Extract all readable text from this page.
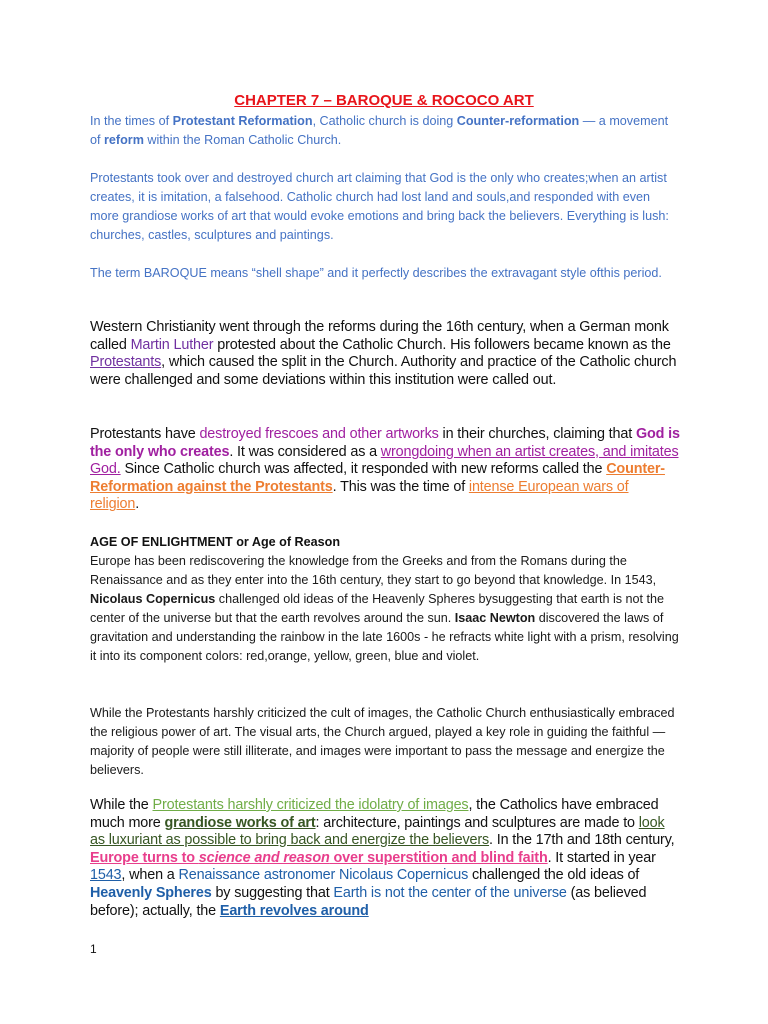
CHAPTER 7 – BAROQUE & ROCOCO ART

In the times of Protestant Reformation, Catholic church is doing Counter-reformation — a movement of reform within the Roman Catholic Church.

Protestants took over and destroyed church art claiming that God is the only who creates;when an artist creates, it is imitation, a falsehood. Catholic church had lost land and souls,and responded with even more grandiose works of art that would evoke emotions and bring back the believers. Everything is lush: churches, castles, sculptures and paintings.

The term BAROQUE means “shell shape” and it perfectly describes the extravagant style ofthis period.

Western Christianity went through the reforms during the 16th century, when a German monk called Martin Luther protested about the Catholic Church. His followers became known as the Protestants, which caused the split in the Church. Authority and practice of the Catholic church were challenged and some deviations within this institution were called out.

Protestants have destroyed frescoes and other artworks in their churches, claiming that God is the only who creates. It was considered as a wrongdoing when an artist creates, and imitates God. Since Catholic church was affected, it responded with new reforms called the Counter-Reformation against the Protestants. This was the time of intense European wars of religion.

AGE OF ENLIGHTMENT or Age of Reason

Europe has been rediscovering the knowledge from the Greeks and from the Romans during the Renaissance and as they enter into the 16th century, they start to go beyond that knowledge. In 1543, Nicolaus Copernicus challenged old ideas of the Heavenly Spheres bysuggesting that earth is not the center of the universe but that the earth revolves around the sun. Isaac Newton discovered the laws of gravitation and understanding the rainbow in the late 1600s - he refracts white light with a prism, resolving it into its component colors: red,orange, yellow, green, blue and violet.

While the Protestants harshly criticized the cult of images, the Catholic Church enthusiastically embraced the religious power of art. The visual arts, the Church argued, played a key role in guiding the faithful — majority of people were still illiterate, and images were important to pass the message and energize the believers.

While the Protestants harshly criticized the idolatry of images, the Catholics have embraced much more grandiose works of art: architecture, paintings and sculptures are made to look as luxuriant as possible to bring back and energize the believers. In the 17th and 18th century, Europe turns to science and reason over superstition and blind faith. It started in year 1543, when a Renaissance astronomer Nicolaus Copernicus challenged the old ideas of Heavenly Spheres by suggesting that Earth is not the center of the universe (as believed before); actually, the Earth revolves around

1
